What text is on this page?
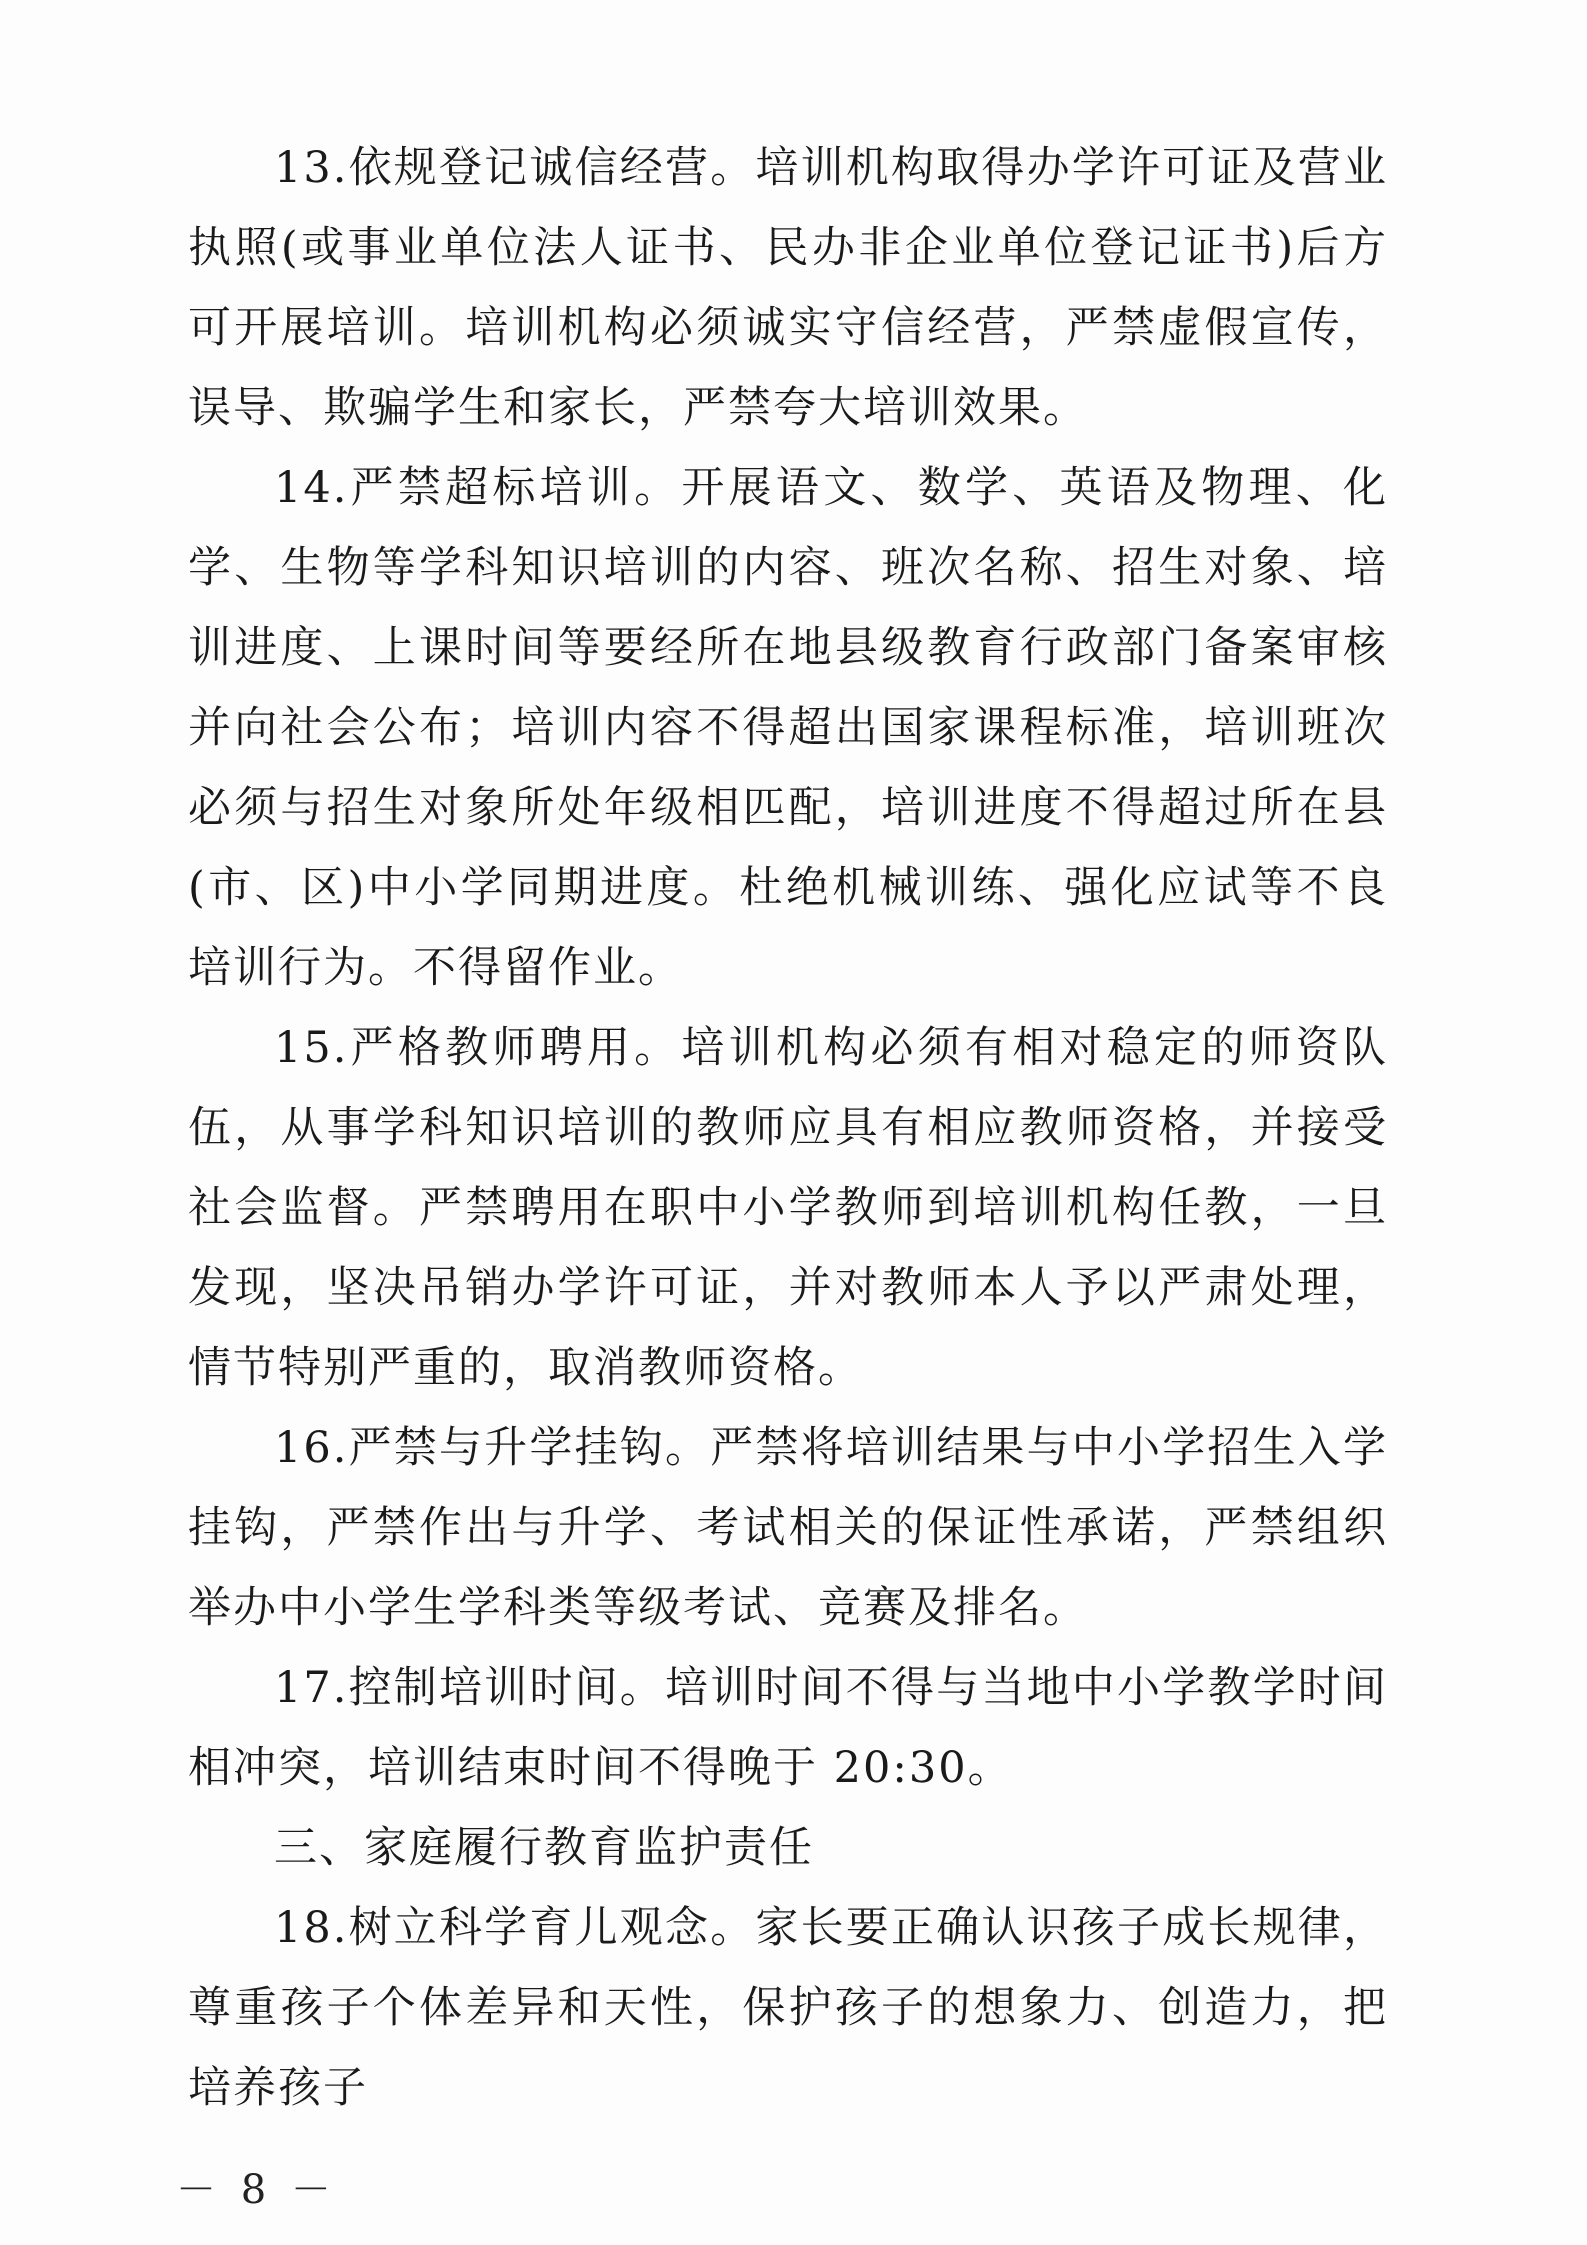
13.依规登记诚信经营。培训机构取得办学许可证及营业执照(或事业单位法人证书、民办非企业单位登记证书)后方可开展培训。培训机构必须诚实守信经营，严禁虚假宣传，误导、欺骗学生和家长，严禁夸大培训效果。

14.严禁超标培训。开展语文、数学、英语及物理、化学、生物等学科知识培训的内容、班次名称、招生对象、培训进度、上课时间等要经所在地县级教育行政部门备案审核并向社会公布；培训内容不得超出国家课程标准，培训班次必须与招生对象所处年级相匹配，培训进度不得超过所在县(市、区)中小学同期进度。杜绝机械训练、强化应试等不良培训行为。不得留作业。

15.严格教师聘用。培训机构必须有相对稳定的师资队伍，从事学科知识培训的教师应具有相应教师资格，并接受社会监督。严禁聘用在职中小学教师到培训机构任教，一旦发现，坚决吊销办学许可证，并对教师本人予以严肃处理，情节特别严重的，取消教师资格。

16.严禁与升学挂钩。严禁将培训结果与中小学招生入学挂钩，严禁作出与升学、考试相关的保证性承诺，严禁组织举办中小学生学科类等级考试、竞赛及排名。

17.控制培训时间。培训时间不得与当地中小学教学时间相冲突，培训结束时间不得晚于 20:30。

三、家庭履行教育监护责任

18.树立科学育儿观念。家长要正确认识孩子成长规律，尊重孩子个体差异和天性，保护孩子的想象力、创造力，把培养孩子

－ 8 －
